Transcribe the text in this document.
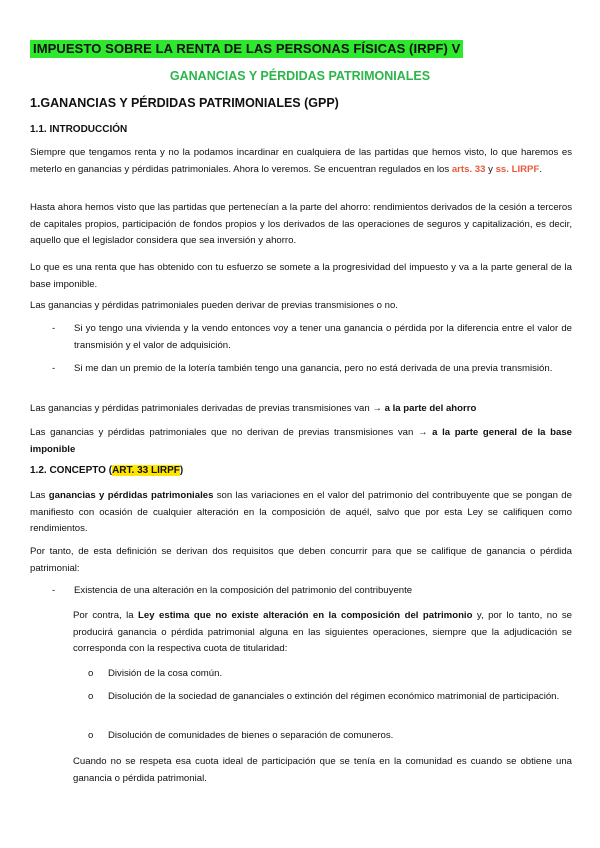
IMPUESTO SOBRE LA RENTA DE LAS PERSONAS FÍSICAS (IRPF) V
GANANCIAS Y PÉRDIDAS PATRIMONIALES
1.GANANCIAS Y PÉRDIDAS PATRIMONIALES (GPP)
1.1. INTRODUCCIÓN
Siempre que tengamos renta y no la podamos incardinar en cualquiera de las partidas que hemos visto, lo que haremos es meterlo en ganancias y pérdidas patrimoniales. Ahora lo veremos. Se encuentran regulados en los arts. 33 y ss. LIRPF.
Hasta ahora hemos visto que las partidas que pertenecían a la parte del ahorro: rendimientos derivados de la cesión a terceros de capitales propios, participación de fondos propios y los derivados de las operaciones de seguros y capitalización, es decir, aquello que el legislador considera que sea inversión y ahorro.
Lo que es una renta que has obtenido con tu esfuerzo se somete a la progresividad del impuesto y va a la parte general de la base imponible.
Las ganancias y pérdidas patrimoniales pueden derivar de previas transmisiones o no.
- Si yo tengo una vivienda y la vendo entonces voy a tener una ganancia o pérdida por la diferencia entre el valor de transmisión y el valor de adquisición.
- Si me dan un premio de la lotería también tengo una ganancia, pero no está derivada de una previa transmisión.
Las ganancias y pérdidas patrimoniales derivadas de previas transmisiones van → a la parte del ahorro
Las ganancias y pérdidas patrimoniales que no derivan de previas transmisiones van → a la parte general de la base imponible
1.2. CONCEPTO (ART. 33 LIRPF)
Las ganancias y pérdidas patrimoniales son las variaciones en el valor del patrimonio del contribuyente que se pongan de manifiesto con ocasión de cualquier alteración en la composición de aquél, salvo que por esta Ley se califiquen como rendimientos.
Por tanto, de esta definición se derivan dos requisitos que deben concurrir para que se califique de ganancia o pérdida patrimonial:
- Existencia de una alteración en la composición del patrimonio del contribuyente
Por contra, la Ley estima que no existe alteración en la composición del patrimonio y, por lo tanto, no se producirá ganancia o pérdida patrimonial alguna en las siguientes operaciones, siempre que la adjudicación se corresponda con la respectiva cuota de titularidad:
o División de la cosa común.
o Disolución de la sociedad de gananciales o extinción del régimen económico matrimonial de participación.
o Disolución de comunidades de bienes o separación de comuneros.
Cuando no se respeta esa cuota ideal de participación que se tenía en la comunidad es cuando se obtiene una ganancia o pérdida patrimonial.
